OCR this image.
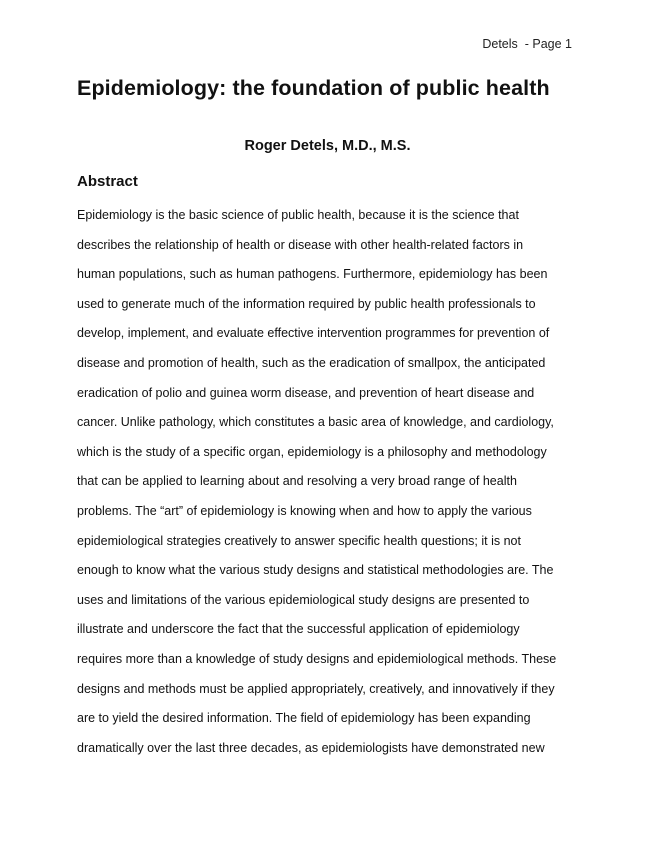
Detels  - Page 1
Epidemiology: the foundation of public health

Roger Detels, M.D., M.S.

Abstract
Epidemiology is the basic science of public health, because it is the science that
describes the relationship of health or disease with other health-related factors in
human populations, such as human pathogens. Furthermore, epidemiology has been
used to generate much of the information required by public health professionals to
develop, implement, and evaluate effective intervention programmes for prevention of
disease and promotion of health, such as the eradication of smallpox, the anticipated
eradication of polio and guinea worm disease, and prevention of heart disease and
cancer. Unlike pathology, which constitutes a basic area of knowledge, and cardiology,
which is the study of a specific organ, epidemiology is a philosophy and methodology
that can be applied to learning about and resolving a very broad range of health
problems. The “art” of epidemiology is knowing when and how to apply the various
epidemiological strategies creatively to answer specific health questions; it is not
enough to know what the various study designs and statistical methodologies are. The
uses and limitations of the various epidemiological study designs are presented to
illustrate and underscore the fact that the successful application of epidemiology
requires more than a knowledge of study designs and epidemiological methods. These
designs and methods must be applied appropriately, creatively, and innovatively if they
are to yield the desired information. The field of epidemiology has been expanding
dramatically over the last three decades, as epidemiologists have demonstrated new
